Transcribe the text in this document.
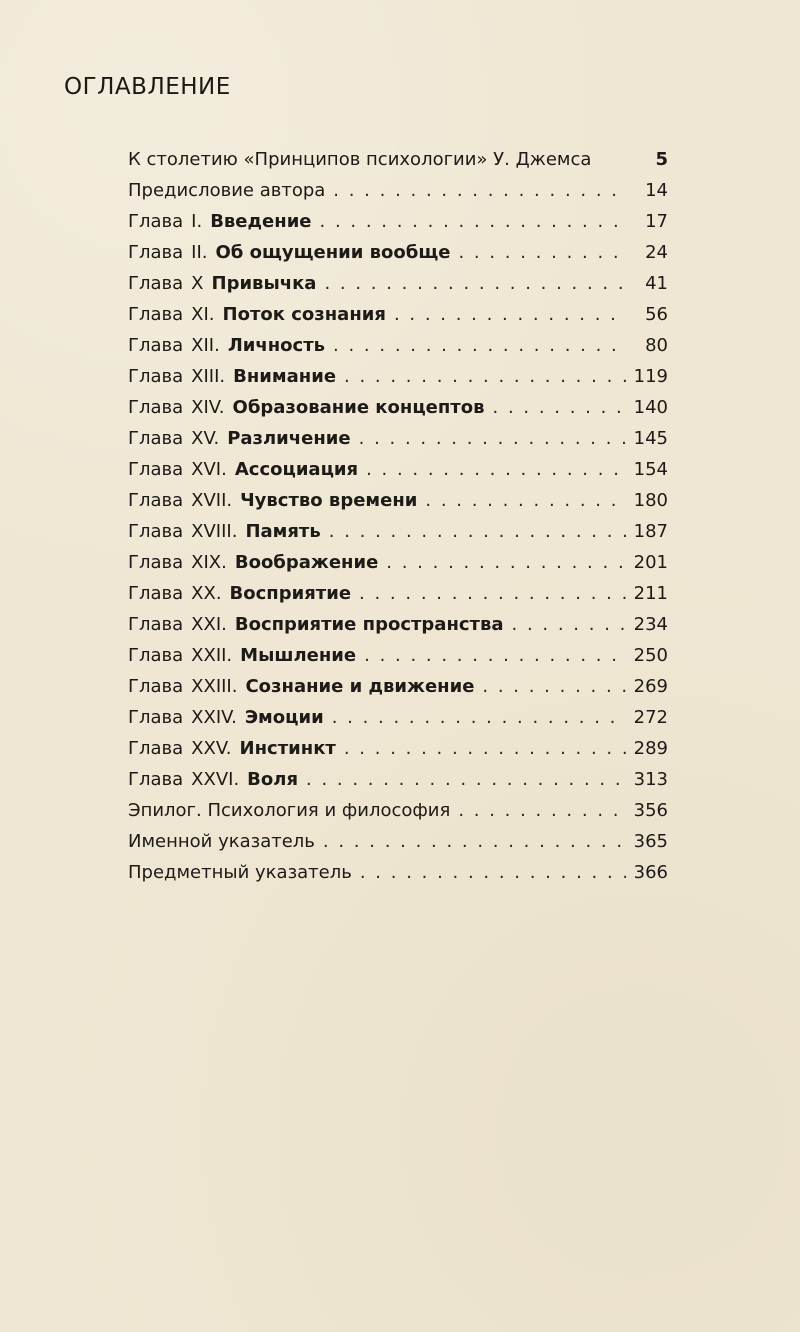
ОГЛАВЛЕНИЕ
К столетию «Принципов психологии» У. Джемса	5
Предисловие автора . . .	14
Глава I. Введение . . .	17
Глава II. Об ощущении вообще . . .	24
Глава X Привычка . . .	41
Глава XI. Поток сознания . . .	56
Глава XII. Личность . . .	80
Глава XIII. Внимание . . .	119
Глава XIV. Образование концептов . . .	140
Глава XV. Различение . . .	145
Глава XVI. Ассоциация . . .	154
Глава XVII. Чувство времени . . .	180
Глава XVIII. Память . . .	187
Глава XIX. Воображение . . .	201
Глава XX. Восприятие . . .	211
Глава XXI. Восприятие пространства . . .	234
Глава XXII. Мышление . . .	250
Глава XXIII. Сознание и движение . . .	269
Глава XXIV. Эмоции . . .	272
Глава XXV. Инстинкт . . .	289
Глава XXVI. Воля . . .	313
Эпилог. Психология и философия . . .	356
Именной указатель . . .	365
Предметный указатель . . .	366
